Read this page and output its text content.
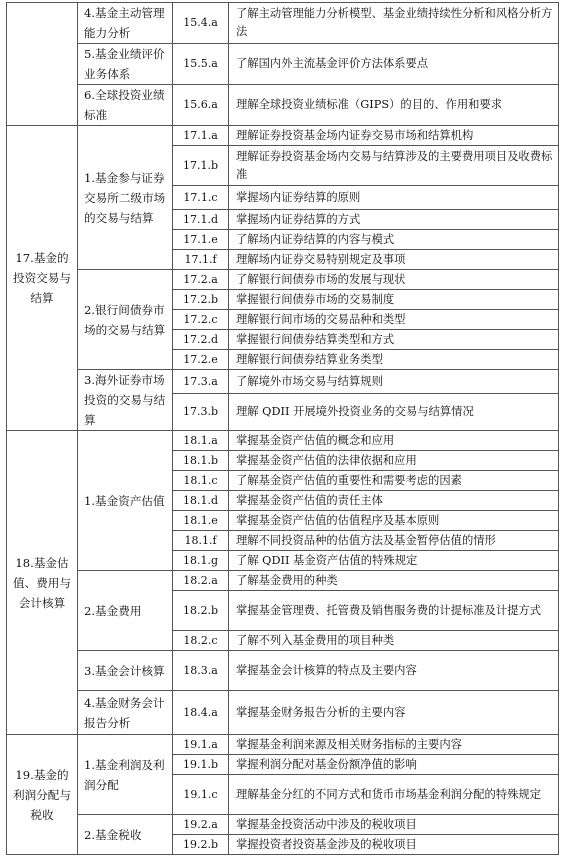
	4.基金主动管理能力分析	15.4.a	了解主动管理能力分析模型、基金业绩持续性分析和风格分析方法
	5.基金业绩评价业务体系	15.5.a	了解国内外主流基金评价方法体系要点
	6.全球投资业绩标准	15.6.a	理解全球投资业绩标准（GIPS）的目的、作用和要求
17.基金的投资交易与结算	1.基金参与证券交易所二级市场的交易与结算	17.1.a	理解证券投资基金场内证券交易市场和结算机构
		17.1.b	理解证券投资基金场内交易与结算涉及的主要费用项目及收费标准
		17.1.c	掌握场内证券结算的原则
		17.1.d	掌握场内证券结算的方式
		17.1.e	了解场内证券结算的内容与模式
		17.1.f	理解场内证券交易特别规定及事项
	2.银行间债券市场的交易与结算	17.2.a	了解银行间债券市场的发展与现状
		17.2.b	掌握银行间债券市场的交易制度
		17.2.c	理解银行间市场的交易品种和类型
		17.2.d	掌握银行间债券结算类型和方式
		17.2.e	理解银行间债券结算业务类型
	3.海外证券市场投资的交易与结算	17.3.a	了解境外市场交易与结算规则
		17.3.b	理解 QDII 开展境外投资业务的交易与结算情况
18.基金估值、费用与会计核算	1.基金资产估值	18.1.a	掌握基金资产估值的概念和应用
		18.1.b	掌握基金资产估值的法律依据和应用
		18.1.c	了解基金资产估值的重要性和需要考虑的因素
		18.1.d	掌握基金资产估值的责任主体
		18.1.e	掌握基金资产估值的估值程序及基本原则
		18.1.f	理解不同投资品种的估值方法及基金暂停估值的情形
		18.1.g	了解 QDII 基金资产估值的特殊规定
	2.基金费用	18.2.a	了解基金费用的种类
		18.2.b	掌握基金管理费、托管费及销售服务费的计提标准及计提方式
		18.2.c	了解不列入基金费用的项目种类
	3.基金会计核算	18.3.a	掌握基金会计核算的特点及主要内容
	4.基金财务会计报告分析	18.4.a	掌握基金财务报告分析的主要内容
19.基金的利润分配与税收	1.基金利润及利润分配	19.1.a	掌握基金利润来源及相关财务指标的主要内容
		19.1.b	掌握利润分配对基金份额净值的影响
		19.1.c	理解基金分红的不同方式和货币市场基金利润分配的特殊规定
	2.基金税收	19.2.a	掌握基金投资活动中涉及的税收项目
		19.2.b	掌握投资者投资基金涉及的税收项目
